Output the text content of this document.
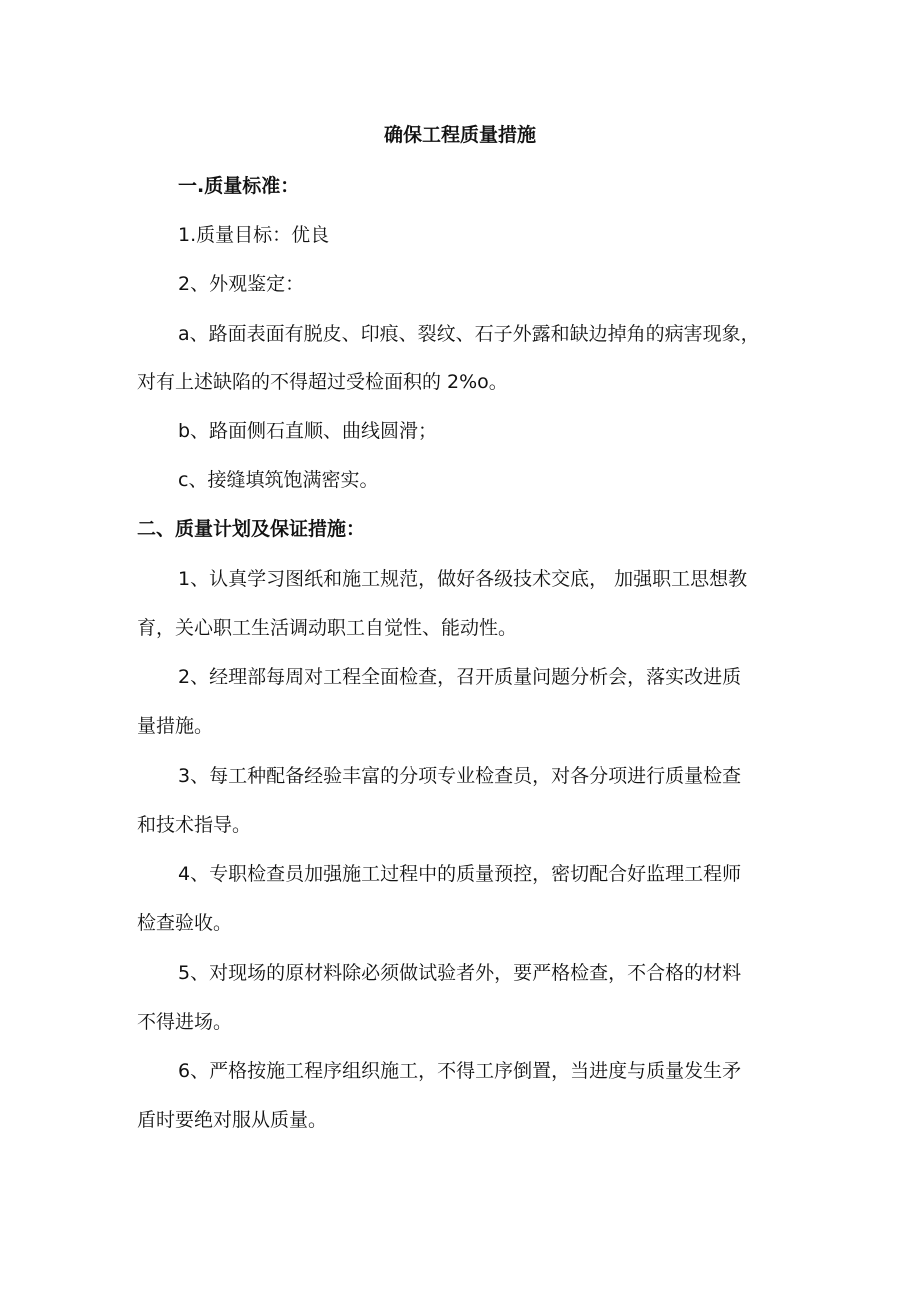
确保工程质量措施
一.质量标准：
1.质量目标：优良
2、外观鉴定：
a、路面表面有脱皮、印痕、裂纹、石子外露和缺边掉角的病害现象，
对有上述缺陷的不得超过受检面积的 2%o。
b、路面侧石直顺、曲线圆滑；
c、接缝填筑饱满密实。
二、质量计划及保证措施：
1、认真学习图纸和施工规范，做好各级技术交底， 加强职工思想教
育，关心职工生活调动职工自觉性、能动性。
2、经理部每周对工程全面检查，召开质量问题分析会，落实改进质
量措施。
3、每工种配备经验丰富的分项专业检查员，对各分项进行质量检查
和技术指导。
4、专职检查员加强施工过程中的质量预控，密切配合好监理工程师
检查验收。
5、对现场的原材料除必须做试验者外，要严格检查，不合格的材料
不得进场。
6、严格按施工程序组织施工，不得工序倒置，当进度与质量发生矛
盾时要绝对服从质量。
